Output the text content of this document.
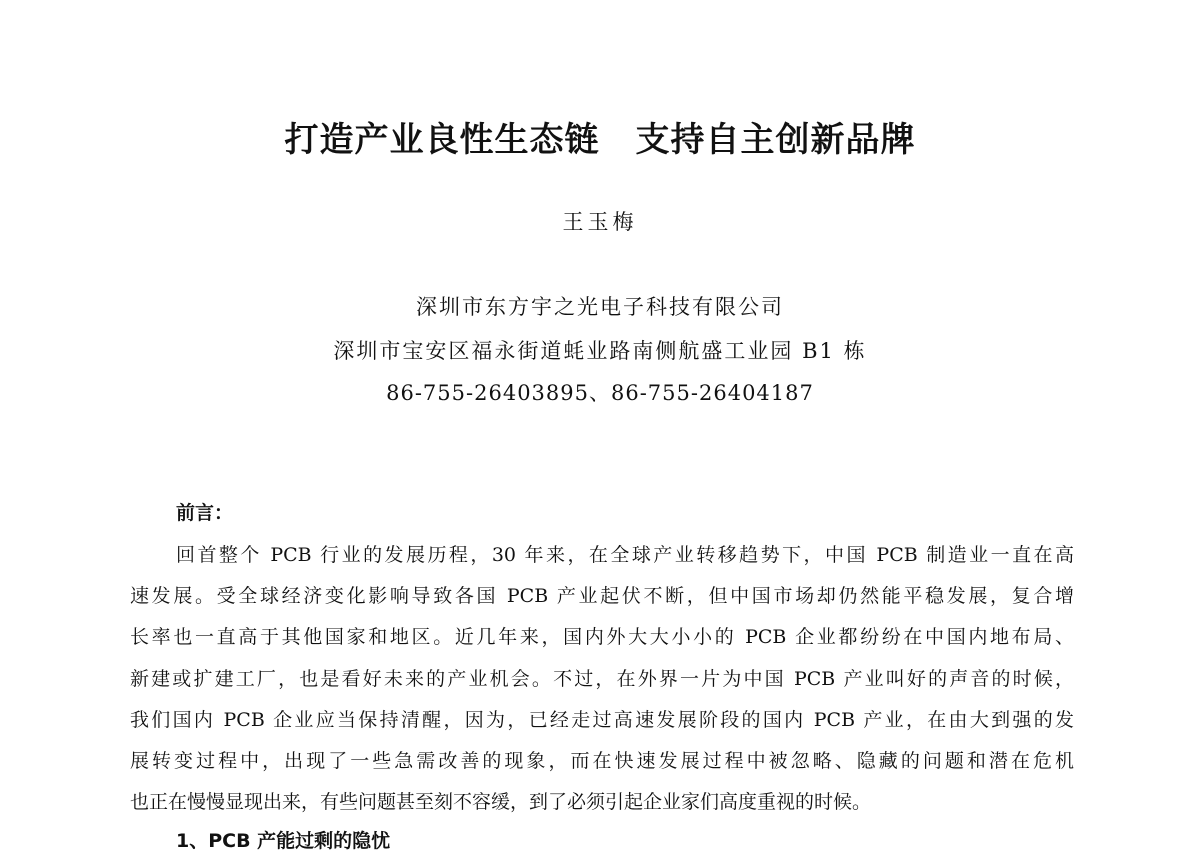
打造产业良性生态链 支持自主创新品牌
王玉梅
深圳市东方宇之光电子科技有限公司
深圳市宝安区福永街道蚝业路南侧航盛工业园 B1 栋
86-755-26403895、86-755-26404187
前言：
回首整个 PCB 行业的发展历程，30 年来，在全球产业转移趋势下，中国 PCB 制造业一直在高
速发展。受全球经济变化影响导致各国 PCB 产业起伏不断，但中国市场却仍然能平稳发展，复合增
长率也一直高于其他国家和地区。近几年来，国内外大大小小的 PCB 企业都纷纷在中国内地布局、
新建或扩建工厂，也是看好未来的产业机会。不过，在外界一片为中国 PCB 产业叫好的声音的时候，
我们国内 PCB 企业应当保持清醒，因为，已经走过高速发展阶段的国内 PCB 产业，在由大到强的发
展转变过程中，出现了一些急需改善的现象，而在快速发展过程中被忽略、隐藏的问题和潜在危机
也正在慢慢显现出来，有些问题甚至刻不容缓，到了必须引起企业家们高度重视的时候。
1、PCB 产能过剩的隐忧
